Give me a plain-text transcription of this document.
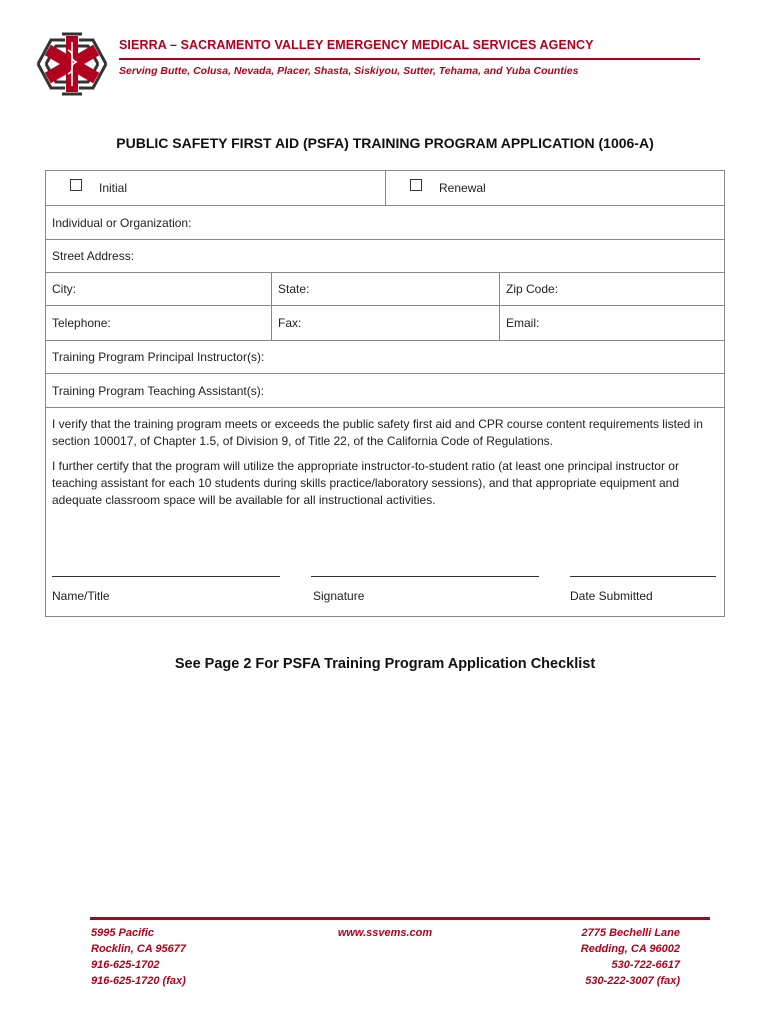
SIERRA – SACRAMENTO VALLEY EMERGENCY MEDICAL SERVICES AGENCY
Serving Butte, Colusa, Nevada, Placer, Shasta, Siskiyou, Sutter, Tehama, and Yuba Counties
PUBLIC SAFETY FIRST AID (PSFA) TRAINING PROGRAM APPLICATION (1006-A)
Initial	Renewal
Individual or Organization:
Street Address:
City:	State:	Zip Code:
Telephone:	Fax:	Email:
Training Program Principal Instructor(s):
Training Program Teaching Assistant(s):

I verify that the training program meets or exceeds the public safety first aid and CPR course content requirements listed in section 100017, of Chapter 1.5, of Division 9, of Title 22, of the California Code of Regulations.

I further certify that the program will utilize the appropriate instructor-to-student ratio (at least one principal instructor or teaching assistant for each 10 students during skills practice/laboratory sessions), and that appropriate equipment and adequate classroom space will be available for all instructional activities.

Name/Title	Signature	Date Submitted
See Page 2 For PSFA Training Program Application Checklist
5995 Pacific
Rocklin, CA 95677
916-625-1702
916-625-1720 (fax)
www.ssvems.com	2775 Bechelli Lane
Redding, CA 96002
530-722-6617
530-222-3007 (fax)
